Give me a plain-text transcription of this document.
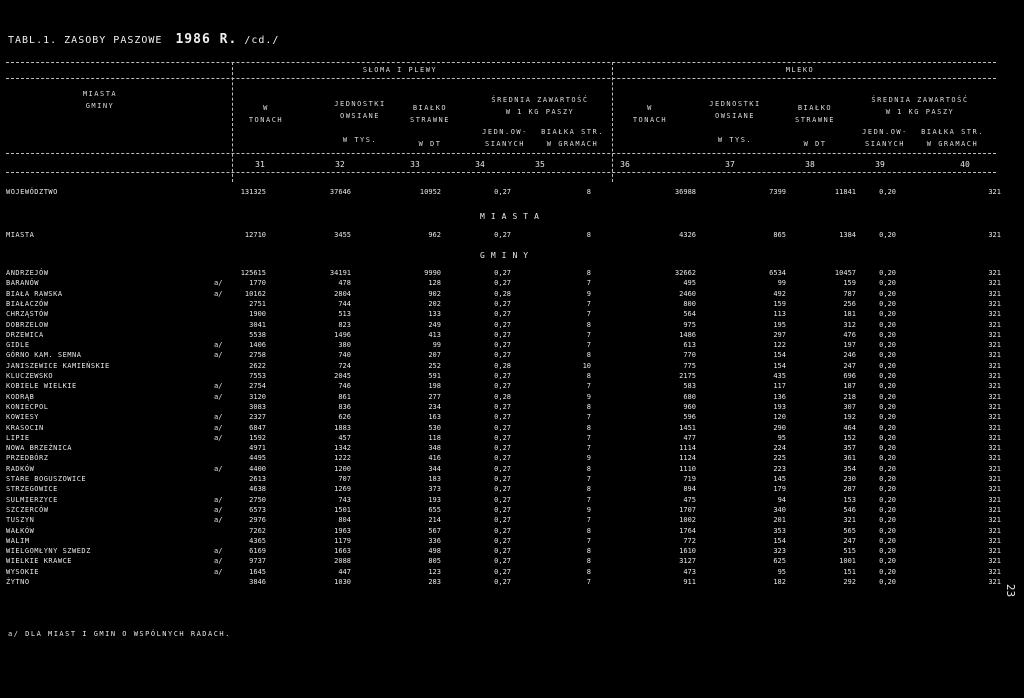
TABL.1. ZASOBY PASZOWE 1986 R. /cd./
MIASTA
GMINY
SŁOMA I PLEWY	MLEKO
W
TONACH
JEDNOSTKI
OWSIANE

W TYS.
BIAŁKO
STRAWNE

W DT
ŚREDNIA ZAWARTOŚĆ
W 1 KG PASZY
JEDN.OW-
SIANYCH
BIAŁKA STR.
W GRAMACH
W
TONACH
JEDNOSTKI
OWSIANE

W TYS.
BIAŁKO
STRAWNE

W DT
ŚREDNIA ZAWARTOŚĆ
W 1 KG PASZY
JEDN.OW-
SIANYCH
BIAŁKA STR.
W GRAMACH
31	32	33	34	35	36	37	38	39	40
MIASTA
GMINY
WOJEWÓDZTWO	131325	37646	10952	0,27	8	36988	7399	11841	0,20	321
MIASTA	12710	3455	962	0,27	8	4326	865	1384	0,20	321
ANDRZEJÓW	125615	34191	9990	0,27	8	32662	6534	10457	0,20	321
BARANÓW	a/	1770	478	128	0,27	7	495	99	159	0,20	321
BIAŁA RAWSKA	a/	10162	2804	902	0,28	9	2460	492	787	0,20	321
BIAŁACZÓW	2751	744	202	0,27	7	800	159	256	0,20	321
CHRZĄSTÓW	1900	513	133	0,27	7	564	113	181	0,20	321
DOBRZELOW	3041	823	249	0,27	8	975	195	312	0,20	321
DRZEWICA	5538	1496	413	0,27	7	1486	297	476	0,20	321
GIDLE	a/	1406	380	99	0,27	7	613	122	197	0,20	321
GÓRNO KAM. SEMNA	a/	2758	740	207	0,27	8	770	154	246	0,20	321
JANISZEWICE KAMIEŃSKIE	2622	724	252	0,28	10	775	154	247	0,20	321
KLUCZEWSKO	7553	2045	591	0,27	8	2175	435	696	0,20	321
KOBIELE WIELKIE	a/	2754	746	198	0,27	7	583	117	187	0,20	321
KODRĄB	a/	3120	861	277	0,28	9	680	136	218	0,20	321
KONIECPOL	3083	836	234	0,27	8	960	193	307	0,20	321
KOWIESY	a/	2327	626	163	0,27	7	596	120	192	0,20	321
KRASOCIN	a/	6847	1883	530	0,27	8	1451	290	464	0,20	321
LIPIE	a/	1592	457	118	0,27	7	477	95	152	0,20	321
NOWA BRZEŹNICA	4971	1342	348	0,27	7	1114	224	357	0,20	321
PRZEDBÓRZ	4495	1222	416	0,27	9	1124	225	361	0,20	321
RADKÓW	a/	4400	1200	344	0,27	8	1110	223	354	0,20	321
STARE BOGUSZOWICE	2613	707	183	0,27	7	719	145	230	0,20	321
STRZEGOWICE	4638	1269	373	0,27	8	894	179	287	0,20	321
SULMIERZYCE	a/	2750	743	193	0,27	7	475	94	153	0,20	321
SZCZERCÓW	a/	6573	1501	655	0,27	9	1707	340	546	0,20	321
TUSZYN	a/	2976	804	214	0,27	7	1002	201	321	0,20	321
WAŁKÓW	7262	1963	567	0,27	8	1764	353	565	0,20	321
WALIM	4365	1179	336	0,27	7	772	154	247	0,20	321
WIELGOMŁYNY SZWEDZ	a/	6169	1663	498	0,27	8	1610	323	515	0,20	321
WIELKIE KRAWCE	a/	9737	2088	805	0,27	8	3127	625	1001	0,20	321
WYSOKIE	a/	1645	447	123	0,27	8	473	95	151	0,20	321
ŻYTNO	3846	1030	283	0,27	7	911	182	292	0,20	321
a/ DLA MIAST I GMIN O WSPÓLNYCH RADACH.
23
